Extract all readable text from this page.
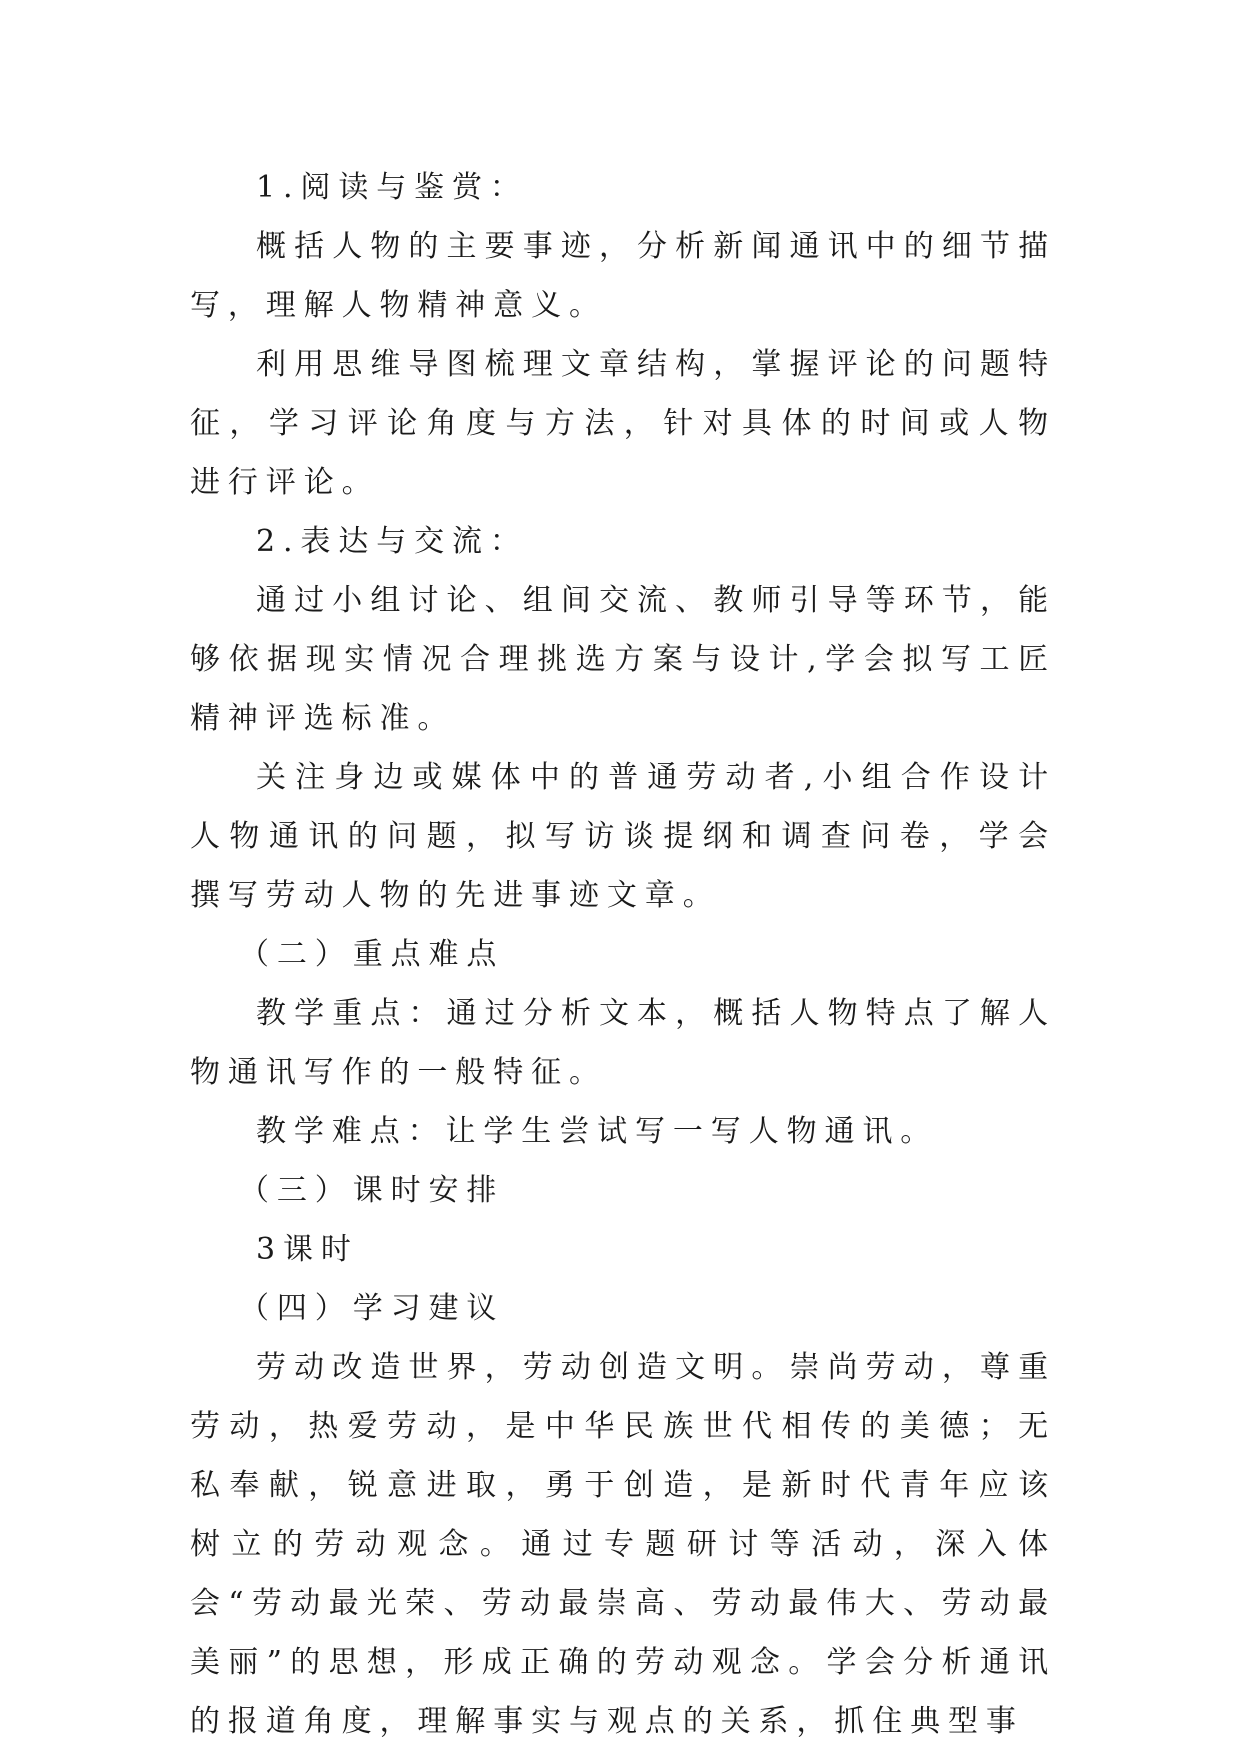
1.阅读与鉴赏：

概括人物的主要事迹，分析新闻通讯中的细节描写，理解人物精神意义。

利用思维导图梳理文章结构，掌握评论的问题特征，学习评论角度与方法，针对具体的时间或人物进行评论。

2.表达与交流：

通过小组讨论、组间交流、教师引导等环节，能够依据现实情况合理挑选方案与设计,学会拟写工匠精神评选标准。

关注身边或媒体中的普通劳动者,小组合作设计人物通讯的问题，拟写访谈提纲和调查问卷，学会撰写劳动人物的先进事迹文章。

（二）重点难点

教学重点：通过分析文本，概括人物特点了解人物通讯写作的一般特征。

教学难点：让学生尝试写一写人物通讯。

（三）课时安排

3课时

（四）学习建议

劳动改造世界，劳动创造文明。崇尚劳动，尊重劳动，热爱劳动，是中华民族世代相传的美德；无私奉献，锐意进取，勇于创造，是新时代青年应该树立的劳动观念。通过专题研讨等活动，深入体会“劳动最光荣、劳动最崇高、劳动最伟大、劳动最美丽”的思想，形成正确的劳动观念。学会分析通讯的报道角度，理解事实与观点的关系，抓住典型事
